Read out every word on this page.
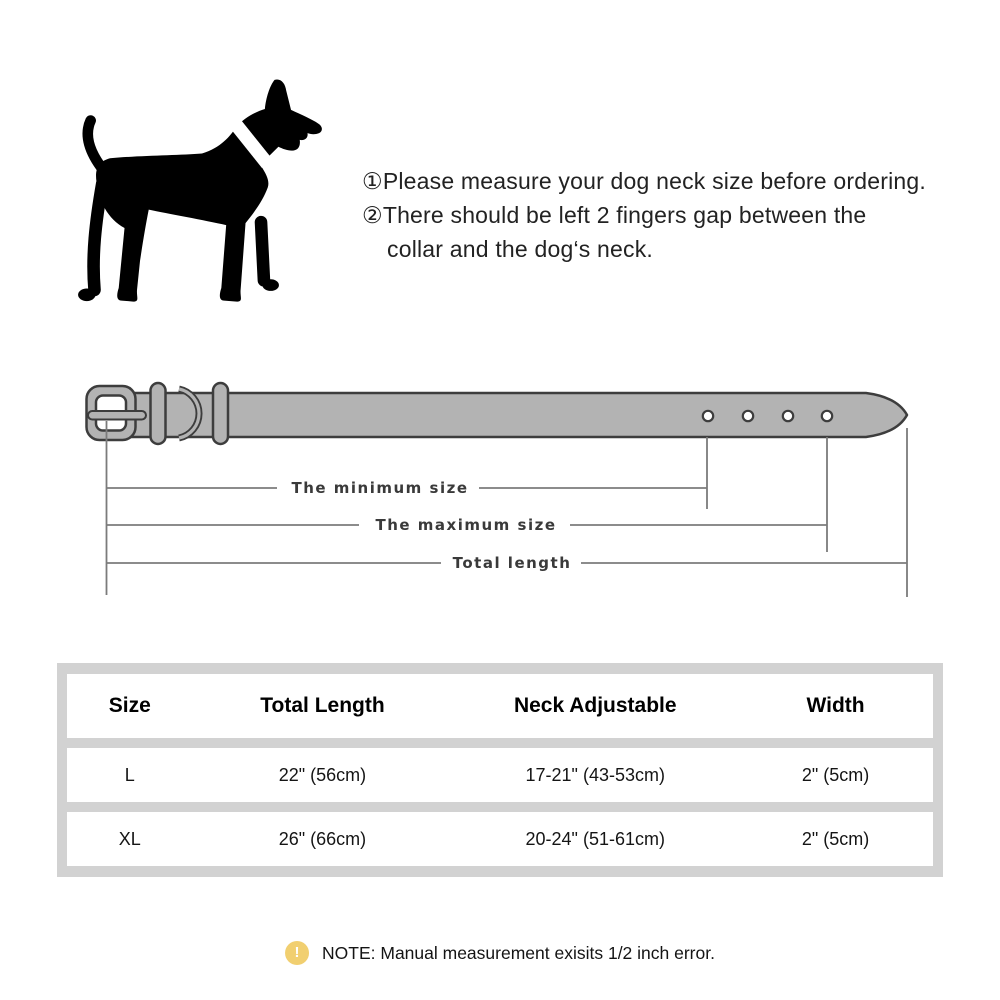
①Please measure your dog neck size before ordering.
②There should be left 2 fingers gap between the
collar and the dog‘s neck.
The minimum size
The maximum size
Total length
Size	Total Length	Neck Adjustable	Width
L	22" (56cm)	17-21" (43-53cm)	2" (5cm)
XL	26" (66cm)	20-24" (51-61cm)	2" (5cm)
!	NOTE: Manual measurement exisits 1/2 inch error.
